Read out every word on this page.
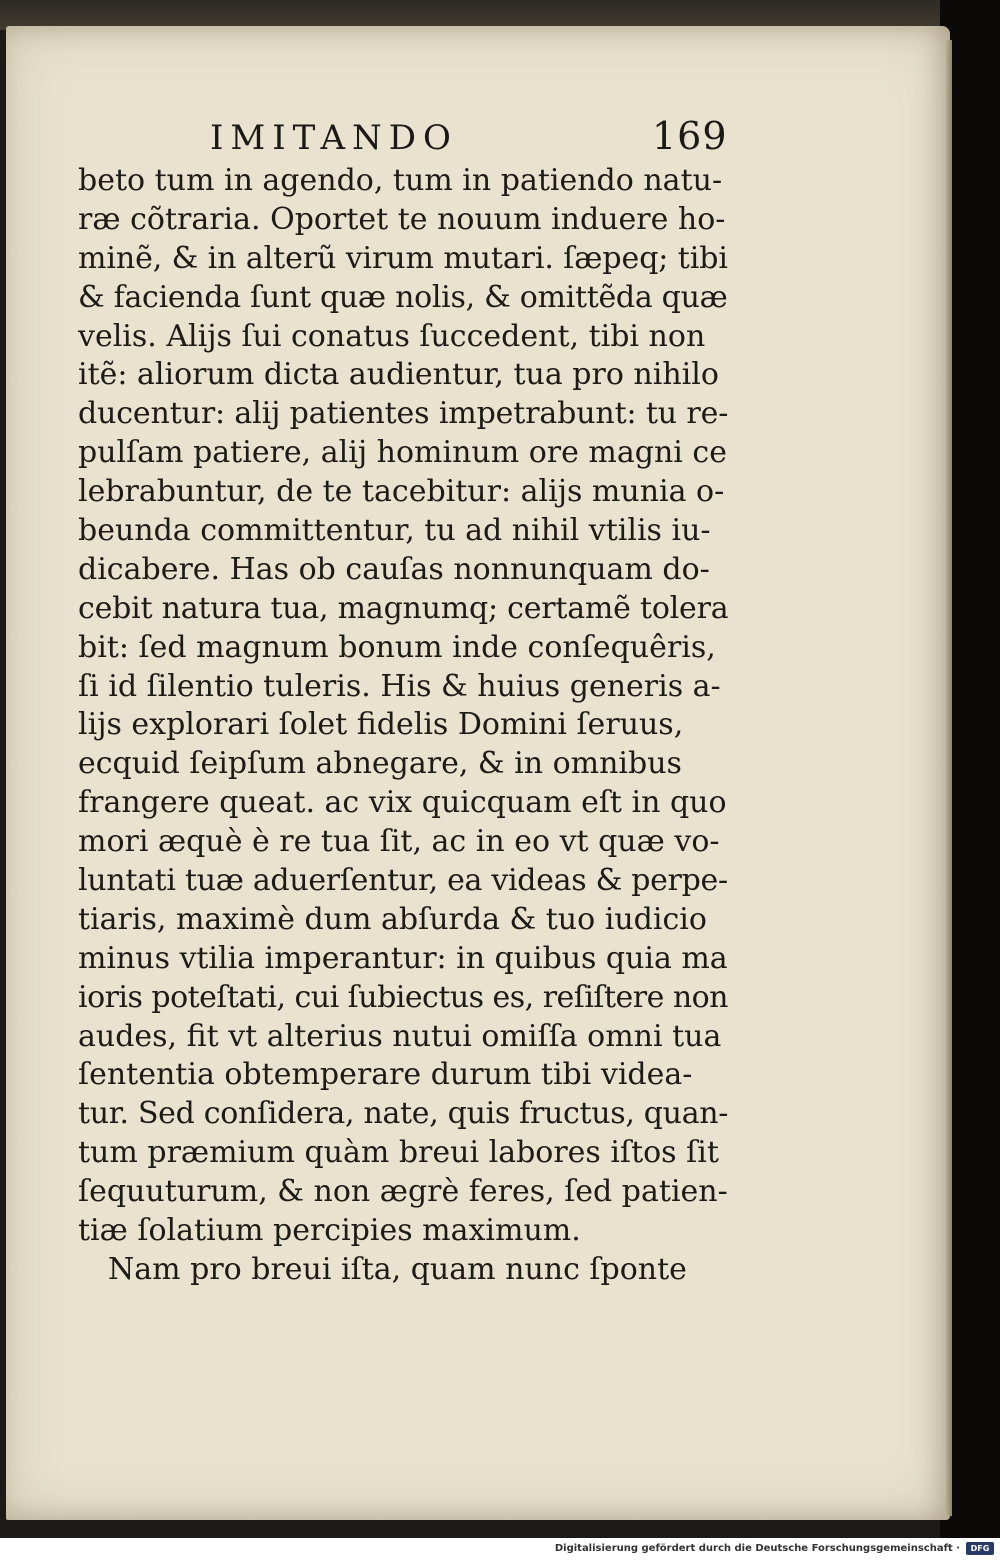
IMITANDO	169
beto tum in agendo, tum in patiendo natu-
ræ cõtraria. Oportet te nouum induere ho-
minẽ, & in alterũ virum mutari. ſæpeq; tibi
& facienda ſunt quæ nolis, & omittẽda quæ
velis. Alijs ſui conatus ſuccedent, tibi non
itẽ: aliorum dicta audientur, tua pro nihilo
ducentur: alij patientes impetrabunt: tu re-
pulſam patiere, alij hominum ore magni ce
lebrabuntur, de te tacebitur: alijs munia o-
beunda committentur, tu ad nihil vtilis iu-
dicabere. Has ob cauſas nonnunquam do-
cebit natura tua, magnumq; certamẽ tolera
bit: ſed magnum bonum inde conſequêris,
ſi id ſilentio tuleris. His & huius generis a-
lijs explorari ſolet fidelis Domini ſeruus,
ecquid ſeipſum abnegare, & in omnibus
frangere queat. ac vix quicquam eſt in quo
mori æquè è re tua ſit, ac in eo vt quæ vo-
luntati tuæ aduerſentur, ea videas & perpe-
tiaris, maximè dum abſurda & tuo iudicio
minus vtilia imperantur: in quibus quia ma
ioris poteſtati, cui ſubiectus es, reſiſtere non
audes, fit vt alterius nutui omiſſa omni tua
ſententia obtemperare durum tibi videa-
tur. Sed conſidera, nate, quis fructus, quan-
tum præmium quàm breui labores iſtos ſit
ſequuturum, & non ægrè feres, ſed patien-
tiæ ſolatium percipies maximum.
Nam pro breui iſta, quam nunc ſponte
Digitalisierung gefördert durch die Deutsche Forschungsgemeinschaft ·	DFG
